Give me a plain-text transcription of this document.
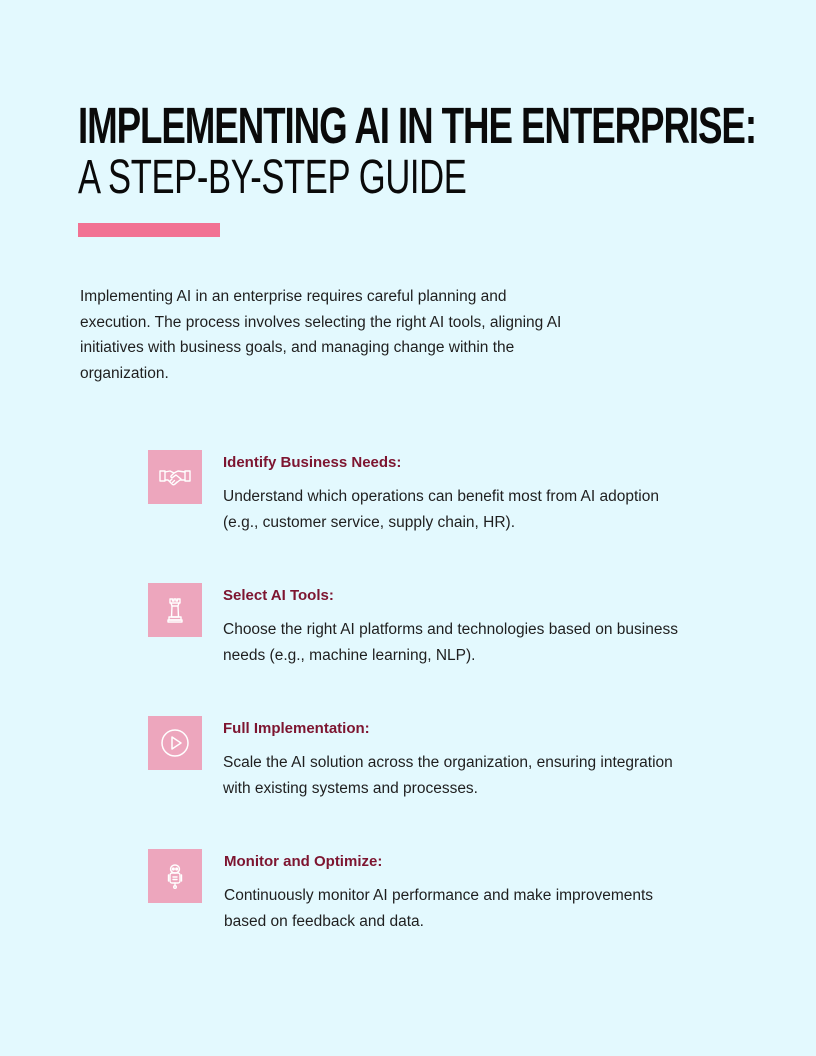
IMPLEMENTING AI IN THE ENTERPRISE:
A STEP-BY-STEP GUIDE

Implementing AI in an enterprise requires careful planning and execution. The process involves selecting the right AI tools, aligning AI initiatives with business goals, and managing change within the organization.

Identify Business Needs:

Understand which operations can benefit most from AI adoption (e.g., customer service, supply chain, HR).

Select AI Tools:

Choose the right AI platforms and technologies based on business needs (e.g., machine learning, NLP).

Full Implementation:

Scale the AI solution across the organization, ensuring integration with existing systems and processes.

Monitor and Optimize:

Continuously monitor AI performance and make improvements based on feedback and data.
